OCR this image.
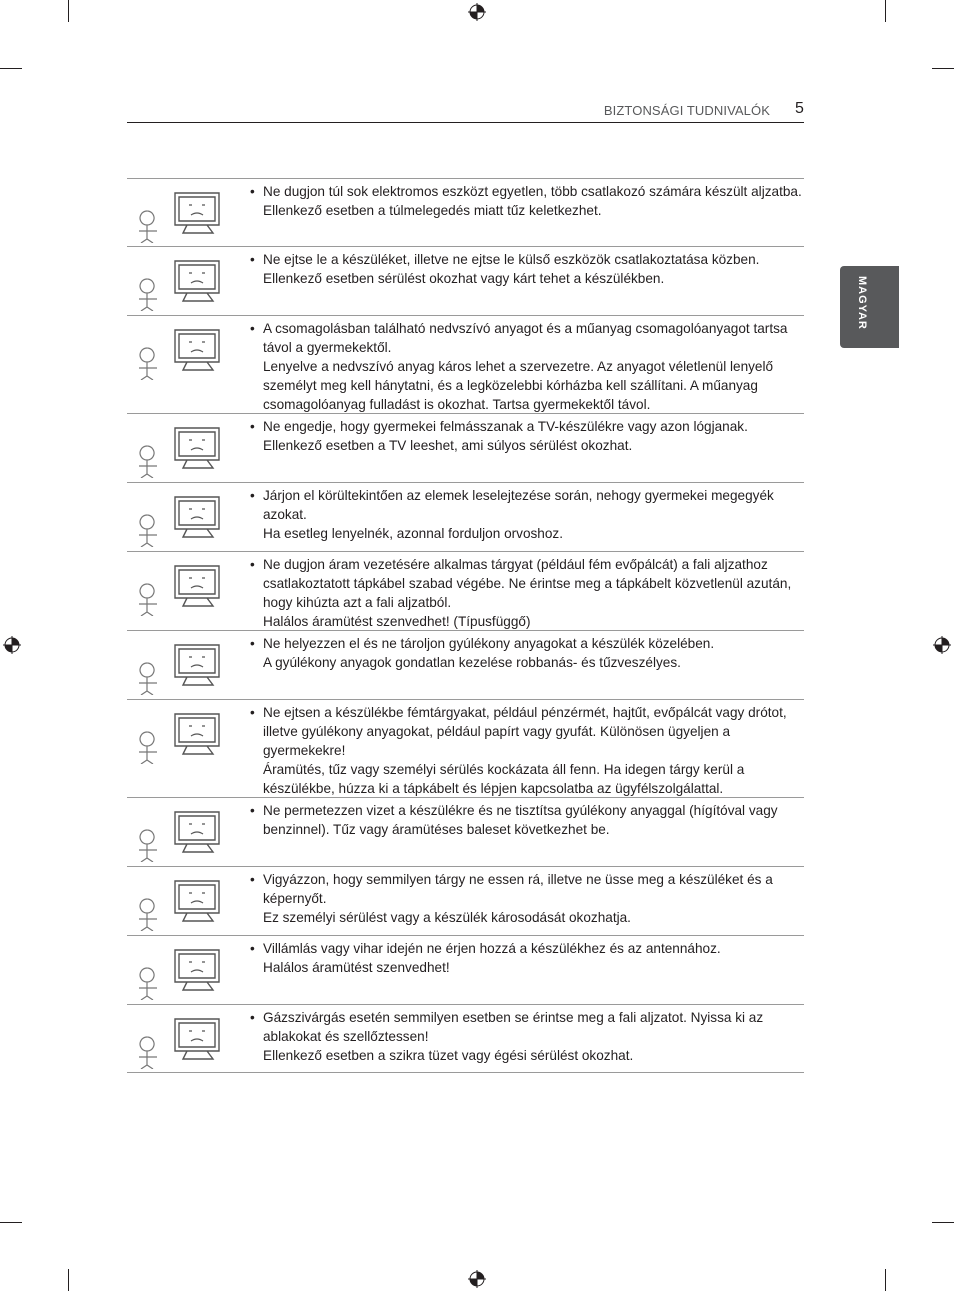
BIZTONSÁGI TUDNIVALÓK 5
MAGYAR

• Ne dugjon túl sok elektromos eszközt egyetlen, több csatlakozó számára készült aljzatba.

Ellenkező esetben a túlmelegedés miatt tűz keletkezhet.

• Ne ejtse le a készüléket, illetve ne ejtse le külső eszközök csatlakoztatása közben.

Ellenkező esetben sérülést okozhat vagy kárt tehet a készülékben.

• A csomagolásban található nedvszívó anyagot és a műanyag csomagolóanyagot tartsa távol a gyermekektől.

Lenyelve a nedvszívó anyag káros lehet a szervezetre. Az anyagot véletlenül lenyelő személyt meg kell hánytatni, és a legközelebbi kórházba kell szállítani. A műanyag csomagolóanyag fulladást is okozhat. Tartsa gyermekektől távol.

• Ne engedje, hogy gyermekei felmásszanak a TV-készülékre vagy azon lógjanak.

Ellenkező esetben a TV leeshet, ami súlyos sérülést okozhat.

• Járjon el körültekintően az elemek leselejtezése során, nehogy gyermekei megegyék azokat.

Ha esetleg lenyelnék, azonnal forduljon orvoshoz.

• Ne dugjon áram vezetésére alkalmas tárgyat (például fém evőpálcát) a fali aljzathoz csatlakoztatott tápkábel szabad végébe. Ne érintse meg a tápkábelt közvetlenül azután, hogy kihúzta azt a fali aljzatból.

Halálos áramütést szenvedhet! (Típusfüggő)

• Ne helyezzen el és ne tároljon gyúlékony anyagokat a készülék közelében.

A gyúlékony anyagok gondatlan kezelése robbanás- és tűzveszélyes.

• Ne ejtsen a készülékbe fémtárgyakat, például pénzérmét, hajtűt, evőpálcát vagy drótot, illetve gyúlékony anyagokat, például papírt vagy gyufát. Különösen ügyeljen a gyermekekre!

Áramütés, tűz vagy személyi sérülés kockázata áll fenn. Ha idegen tárgy kerül a készülékbe, húzza ki a tápkábelt és lépjen kapcsolatba az ügyfélszolgálattal.

• Ne permetezzen vizet a készülékre és ne tisztítsa gyúlékony anyaggal (hígítóval vagy benzinnel). Tűz vagy áramütéses baleset következhet be.

• Vigyázzon, hogy semmilyen tárgy ne essen rá, illetve ne üsse meg a készüléket és a képernyőt.

Ez személyi sérülést vagy a készülék károsodását okozhatja.

• Villámlás vagy vihar idején ne érjen hozzá a készülékhez és az antennához.

Halálos áramütést szenvedhet!

• Gázszivárgás esetén semmilyen esetben se érintse meg a fali aljzatot. Nyissa ki az ablakokat és szellőztessen!

Ellenkező esetben a szikra tüzet vagy égési sérülést okozhat.
